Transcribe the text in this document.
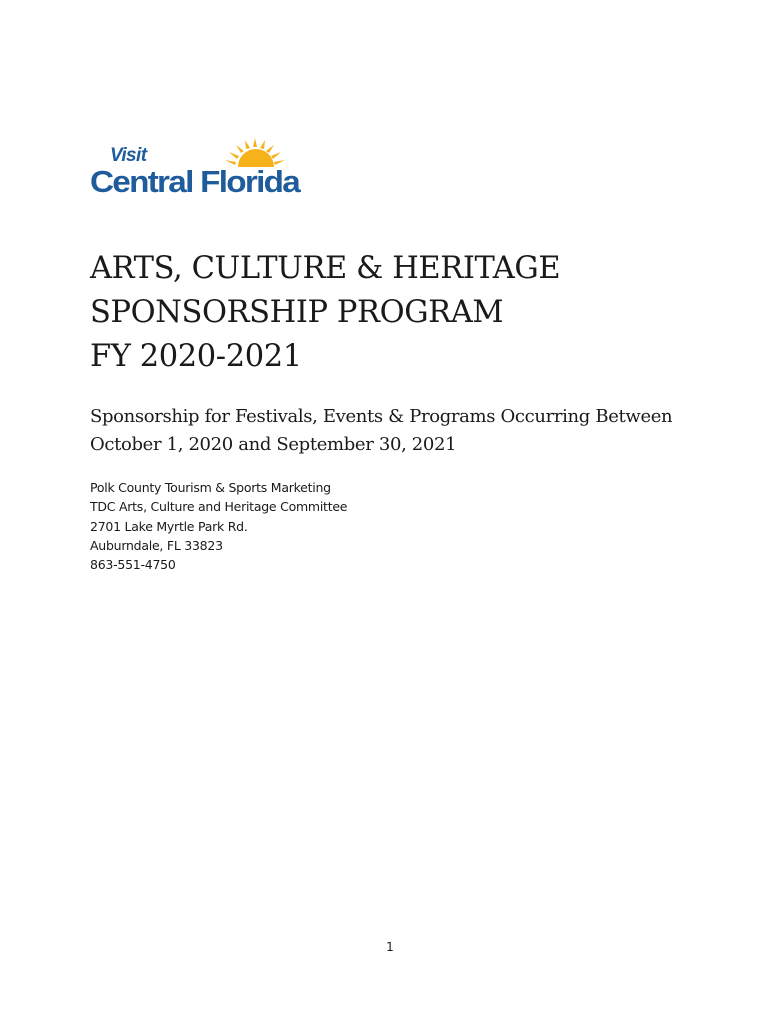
Visit
Central Florida
ARTS, CULTURE & HERITAGE
SPONSORSHIP PROGRAM
FY 2020-2021

Sponsorship for Festivals, Events & Programs Occurring Between
October 1, 2020 and September 30, 2021

Polk County Tourism & Sports Marketing
TDC Arts, Culture and Heritage Committee
2701 Lake Myrtle Park Rd.
Auburndale, FL 33823
863-551-4750

1
